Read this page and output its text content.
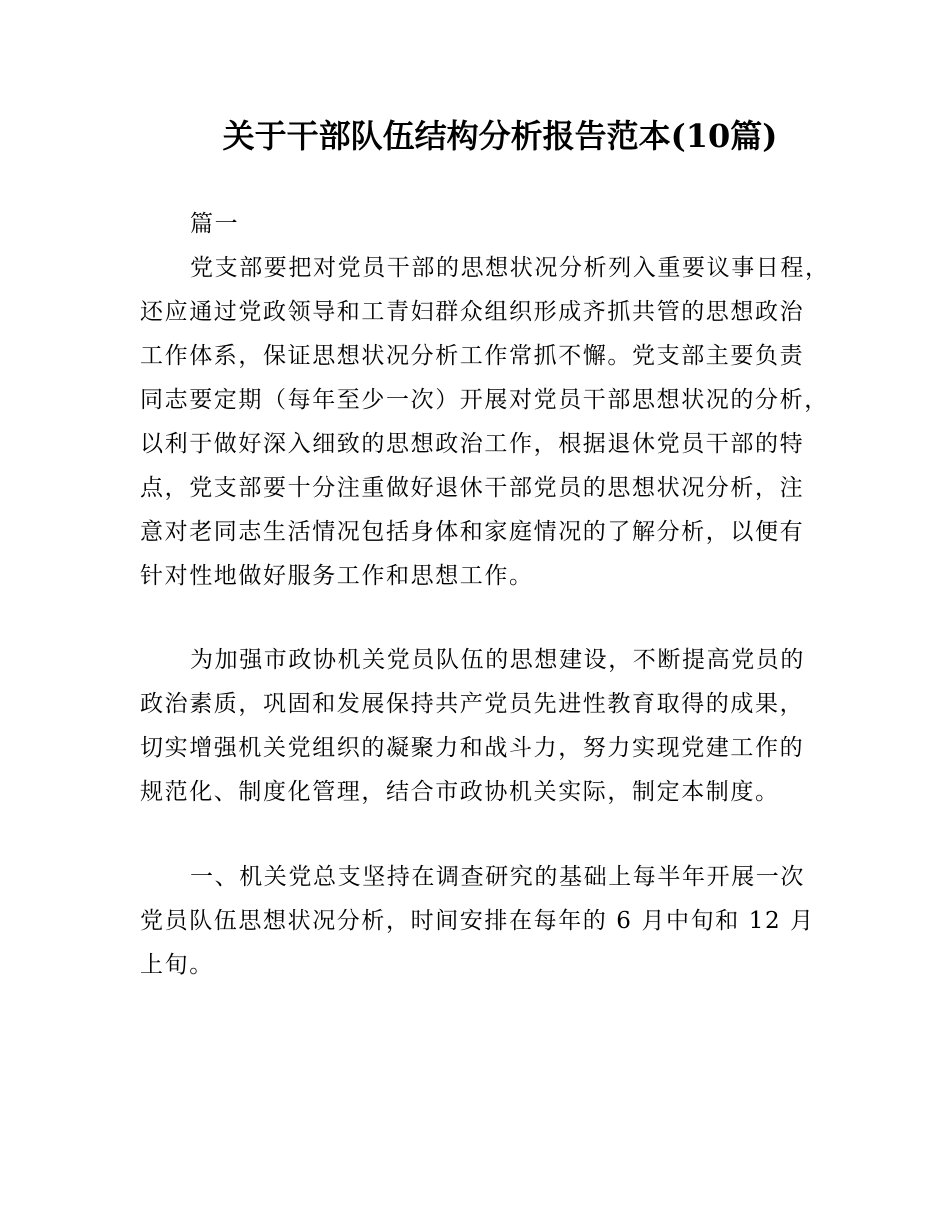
关于干部队伍结构分析报告范本(10篇)
篇一
党支部要把对党员干部的思想状况分析列入重要议事日程，
还应通过党政领导和工青妇群众组织形成齐抓共管的思想政治
工作体系，保证思想状况分析工作常抓不懈。党支部主要负责
同志要定期（每年至少一次）开展对党员干部思想状况的分析，
以利于做好深入细致的思想政治工作，根据退休党员干部的特
点，党支部要十分注重做好退休干部党员的思想状况分析，注
意对老同志生活情况包括身体和家庭情况的了解分析，以便有
针对性地做好服务工作和思想工作。
为加强市政协机关党员队伍的思想建设，不断提高党员的
政治素质，巩固和发展保持共产党员先进性教育取得的成果，
切实增强机关党组织的凝聚力和战斗力，努力实现党建工作的
规范化、制度化管理，结合市政协机关实际，制定本制度。
一、机关党总支坚持在调查研究的基础上每半年开展一次
党员队伍思想状况分析，时间安排在每年的 6 月中旬和 12 月
上旬。
